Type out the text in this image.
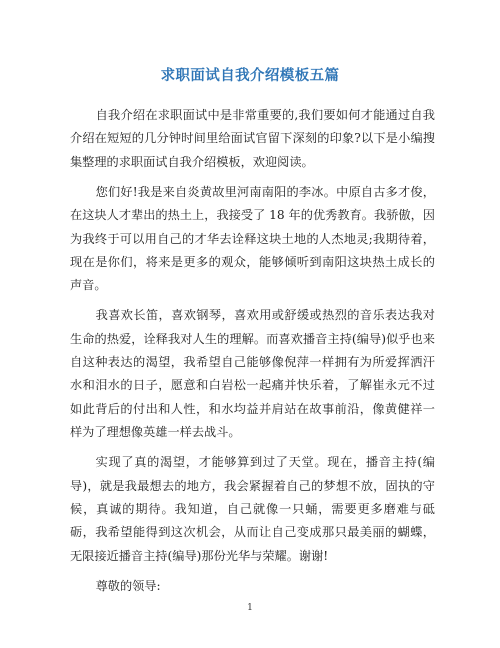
求职面试自我介绍模板五篇

自我介绍在求职面试中是非常重要的,我们要如何才能通过自我介绍在短短的几分钟时间里给面试官留下深刻的印象?以下是小编搜集整理的求职面试自我介绍模板，欢迎阅读。

您们好!我是来自炎黄故里河南南阳的李冰。中原自古多才俊，在这块人才辈出的热土上，我接受了 18 年的优秀教育。我骄傲，因为我终于可以用自己的才华去诠释这块土地的人杰地灵;我期待着，现在是你们，将来是更多的观众，能够倾听到南阳这块热土成长的声音。

我喜欢长笛，喜欢钢琴，喜欢用或舒缓或热烈的音乐表达我对生命的热爱，诠释我对人生的理解。而喜欢播音主持(编导)似乎也来自这种表达的渴望，我希望自己能够像倪萍一样拥有为所爱挥洒汗水和泪水的日子，愿意和白岩松一起痛并快乐着，了解崔永元不过如此背后的付出和人性，和水均益并肩站在故事前沿，像黄健祥一样为了理想像英雄一样去战斗。

实现了真的渴望，才能够算到过了天堂。现在，播音主持(编导)，就是我最想去的地方，我会紧握着自己的梦想不放，固执的守候，真诚的期待。我知道，自己就像一只蛹，需要更多磨难与砥砺，我希望能得到这次机会，从而让自己变成那只最美丽的蝴蝶，无限接近播音主持(编导)那份光华与荣耀。谢谢!

尊敬的领导:

1
